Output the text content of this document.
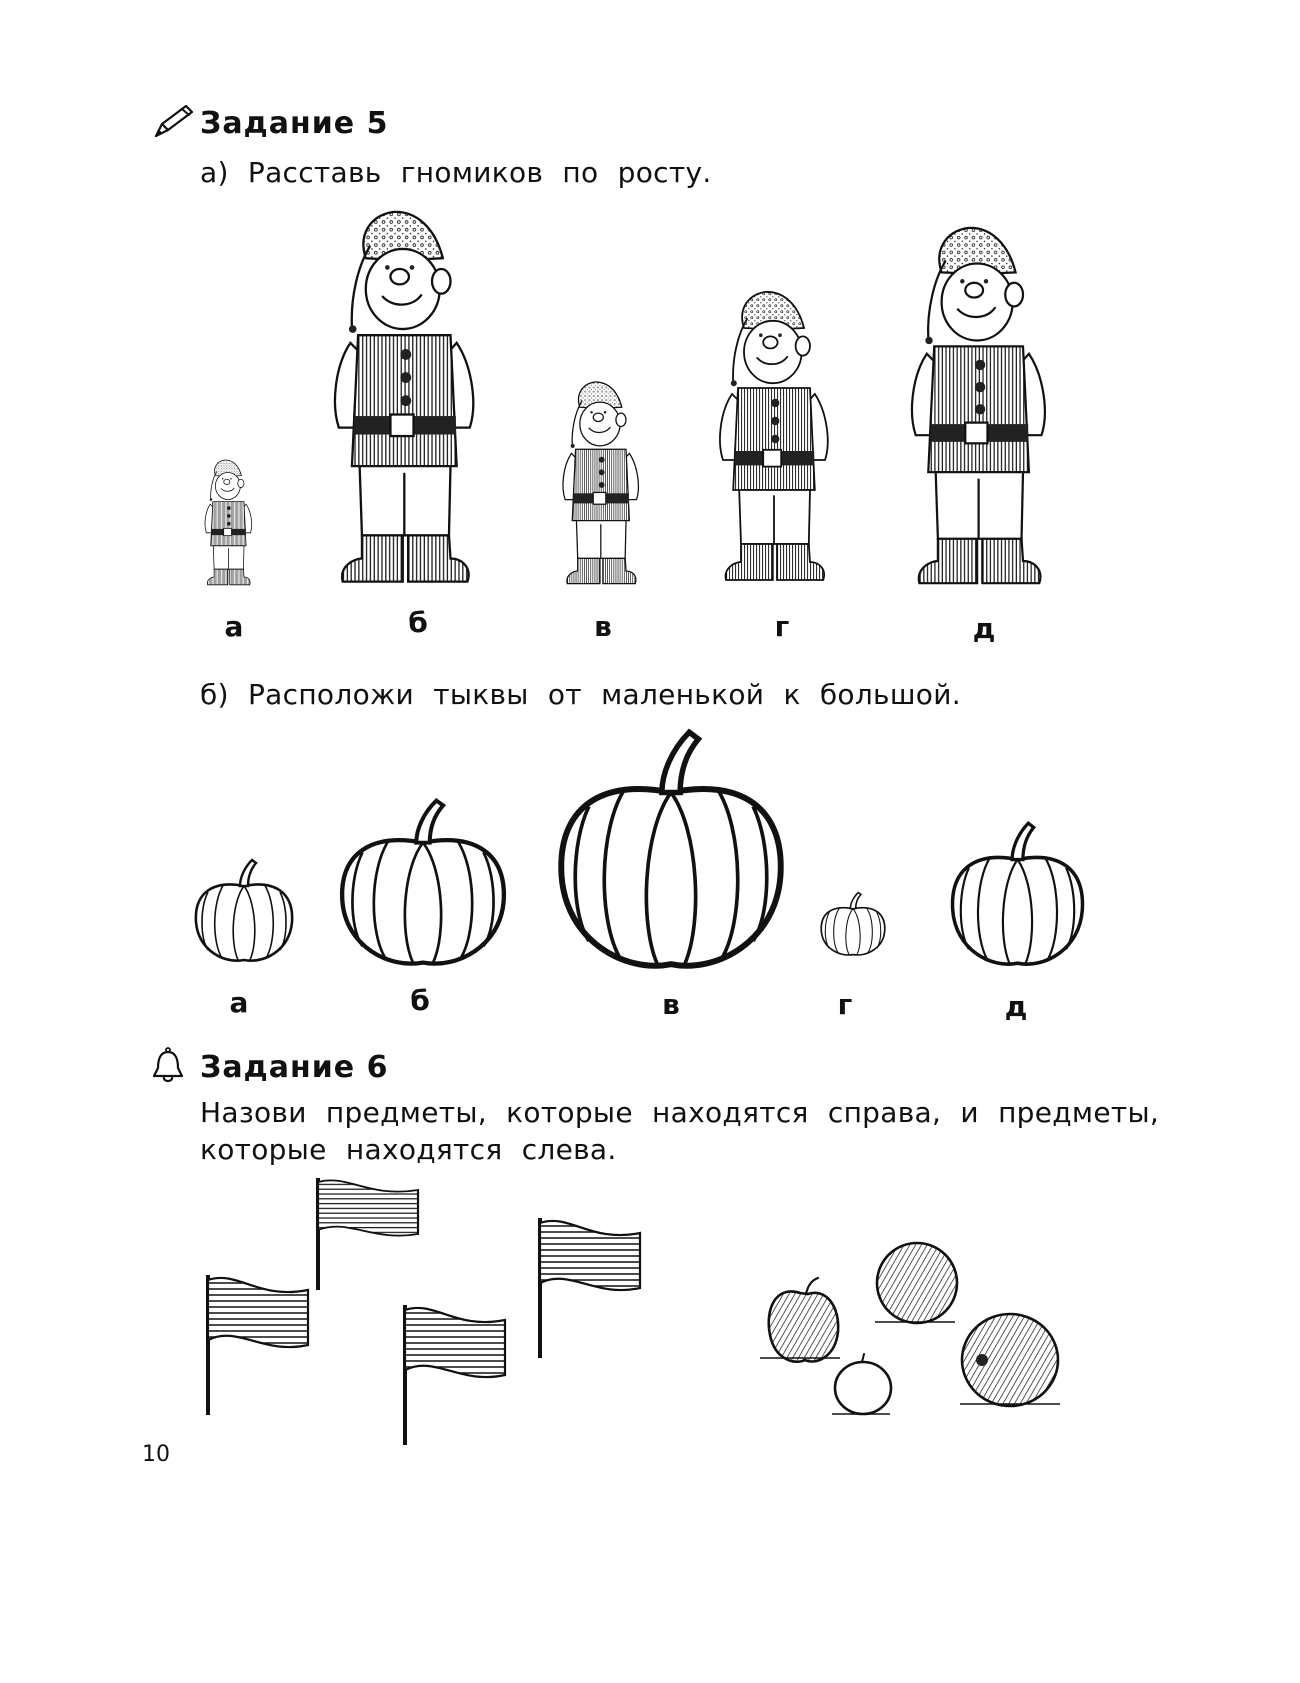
Задание 5
а) Расставь гномиков по росту.
а	б	в	г	д
б) Расположи тыквы от маленькой к большой.
а	б	в	г	д
Задание 6
Назови предметы, которые находятся справа, и предметы,
которые находятся слева.
10
